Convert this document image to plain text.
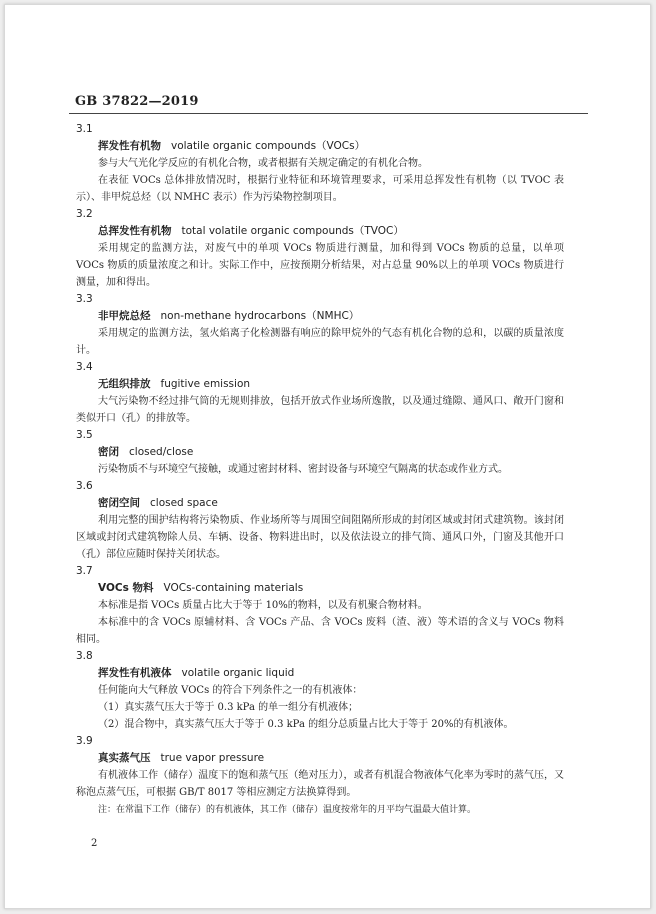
GB 37822—2019
3.1
挥发性有机物 volatile organic compounds（VOCs）

参与大气光化学反应的有机化合物，或者根据有关规定确定的有机化合物。

在表征 VOCs 总体排放情况时，根据行业特征和环境管理要求，可采用总挥发性有机物（以 TVOC 表示）、非甲烷总烃（以 NMHC 表示）作为污染物控制项目。

3.2
总挥发性有机物 total volatile organic compounds（TVOC）

采用规定的监测方法，对废气中的单项 VOCs 物质进行测量，加和得到 VOCs 物质的总量，以单项 VOCs 物质的质量浓度之和计。实际工作中，应按预期分析结果，对占总量 90%以上的单项 VOCs 物质进行测量，加和得出。

3.3
非甲烷总烃 non-methane hydrocarbons（NMHC）

采用规定的监测方法，氢火焰离子化检测器有响应的除甲烷外的气态有机化合物的总和，以碳的质量浓度计。

3.4
无组织排放 fugitive emission

大气污染物不经过排气筒的无规则排放，包括开放式作业场所逸散，以及通过缝隙、通风口、敞开门窗和类似开口（孔）的排放等。

3.5
密闭 closed/close

污染物质不与环境空气接触，或通过密封材料、密封设备与环境空气隔离的状态或作业方式。

3.6
密闭空间 closed space

利用完整的围护结构将污染物质、作业场所等与周围空间阻隔所形成的封闭区域或封闭式建筑物。该封闭区域或封闭式建筑物除人员、车辆、设备、物料进出时，以及依法设立的排气筒、通风口外，门窗及其他开口（孔）部位应随时保持关闭状态。

3.7
VOCs 物料 VOCs-containing materials

本标准是指 VOCs 质量占比大于等于 10%的物料，以及有机聚合物材料。

本标准中的含 VOCs 原辅材料、含 VOCs 产品、含 VOCs 废料（渣、液）等术语的含义与 VOCs 物料相同。

3.8
挥发性有机液体 volatile organic liquid

任何能向大气释放 VOCs 的符合下列条件之一的有机液体：

（1）真实蒸气压大于等于 0.3 kPa 的单一组分有机液体；

（2）混合物中，真实蒸气压大于等于 0.3 kPa 的组分总质量占比大于等于 20%的有机液体。

3.9
真实蒸气压 true vapor pressure

有机液体工作（储存）温度下的饱和蒸气压（绝对压力），或者有机混合物液体气化率为零时的蒸气压，又称泡点蒸气压，可根据 GB/T 8017 等相应测定方法换算得到。

注：在常温下工作（储存）的有机液体，其工作（储存）温度按常年的月平均气温最大值计算。

2
